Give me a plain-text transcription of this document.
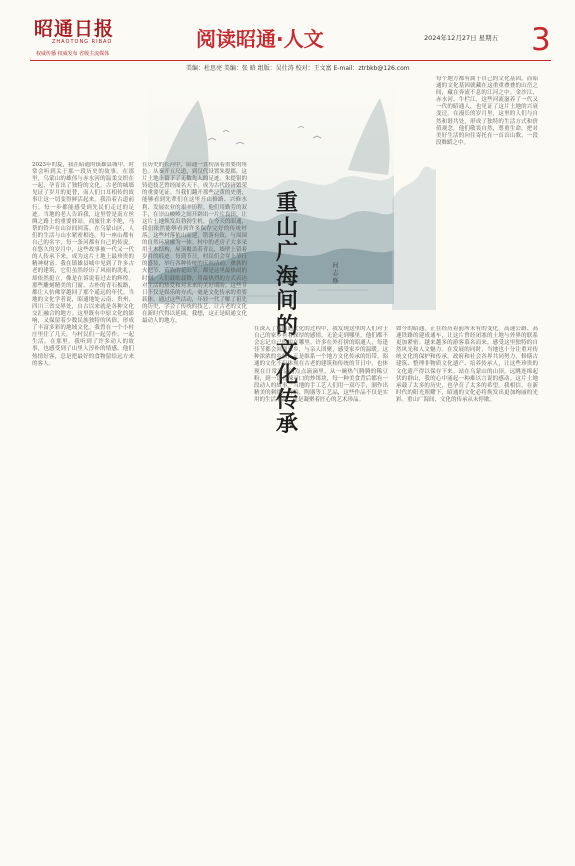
昭通日报
ZHAOTONG RIBAO
权威传播 权威发布 省级主流媒体
阅读昭通·人文	2024年12月27日 星期五 3
美编：杜思亮 美编：张 晗 组版：吴仕涛 校对：王文富 E-mail：ztrbkb@126.com
重
山
广
海
间
的
文
化
传
承
何 志 修
每个地方都有属于自己的文化基因，而昭通的文化基因就藏在这重重叠叠的山峦之间，藏在奔流不息的江河之中。金沙江、赤水河、牛栏江，这些河流滋养了一代又一代的昭通人，也见证了这片土地的兴衰变迁。在漫长的岁月里，这里的人们与自然和谐共处，形成了独特的生活方式和价值观念。他们敬畏自然，尊重生命，把对美好生活的向往寄托在一首首山歌、一段段舞蹈之中。
2023年的夏，我在昭通的镇雄县城中，时常会听到关于那一段历史的故事。在那里，乌蒙山的雄伟与赤水河的温柔交织在一起，孕育出了独特的文化。古老的城墙见证了岁月的更替，而人们口耳相传的故事让这一切变得鲜活起来。我沿着古道前行，每一步都能感受到先民们走过的足迹。当地的老人告诉我，这里曾是南方丝绸之路上的重要驿站，商旅往来不绝，马帮的铃声在山谷间回荡。在乌蒙山区，人们的生活与山水紧密相连。每一座山都有自己的名字，每一条河都有自己的传说。在悠久的岁月中，这些故事被一代又一代的人传承下来，成为这片土地上最珍贵的精神财富。我在镇雄县城中见到了许多古老的建筑，它们虽然经历了风雨的洗礼，却依然挺立，像是在诉说着过去的辉煌。那些雕刻精美的门窗、古朴的青石板路，都让人仿佛穿越回了那个遥远的年代。当地的文化学者说，昭通地处云南、贵州、四川三省交界处，自古以来就是各种文化交汇融合的地方。这里既有中原文化的影响，又保留着少数民族独特的风俗，形成了丰富多彩的地域文化。我曾在一个小村庄里住了几天，与村民们一起劳作、一起生活。在那里，我听到了许多动人的故事，也感受到了山里人淳朴的情感。他们热情好客，总是把最好的食物留给远方来的客人。
在历史的长河中，昭通一直扮演着重要的角色。从秦开五尺道，到汉代设置朱提郡，这片土地上留下了无数先人的足迹。朱提银的铸造技艺曾经闻名天下，成为古代经济繁荣的重要见证。当我们翻开那些泛黄的史册，能够看到先辈们在这里开山修路、兴修水利、发展农业的艰辛历程。他们用勤劳的双手，在崇山峻岭之间开辟出一片片良田，让这片土地焕发出勃勃生机。在今天的昭通，我们依然能够看到许多保存完好的传统村落。这些村落依山而建，错落有致，与周围的自然环境融为一体。村中的老房子大多采用土木结构，屋顶覆盖着青瓦，墙壁上留着岁月的痕迹。每到节日，村民们会穿上节日的盛装，举行各种传统的庆祝活动。彝族的火把节、苗族的花山节，都是这里最热闹的时刻。人们载歌载舞，用最热烈的方式表达对生活的热爱和对未来的美好期盼。这些节日不仅是娱乐的方式，更是文化传承的重要载体。通过这些活动，年轻一代了解了祖先的历史，学会了传统的技艺，让古老的文化在新时代得以延续。我想，这正是昭通文化最动人的地方。
在深入了解昭通文化的过程中，我发现这里的人们对于自己的家乡有着深厚的感情。无论走到哪里，他们都不会忘记自己的根在哪里。许多在外打拼的昭通人，每逢佳节都会回到家乡，与亲人团聚，感受家乡的温暖。这种浓浓的乡情，正是维系一个地方文化传承的纽带。昭通的文化不仅体现在古老的建筑和传统的节日中，也体现在日常生活的点点滴滴里。从一碗热气腾腾的稀豆粉，到一盘香辣可口的炒饵块，每一种美食背后都有一段动人的故事。当地的手工艺人们用一双巧手，制作出精美的刺绣、竹编、陶器等工艺品，这些作品不仅是实用的生活用品，更是凝聚着匠心的艺术珍品。
如今的昭通，正在经历着前所未有的变化。高速公路、高速铁路的建成通车，让这片曾经闭塞的土地与外界的联系更加紧密。越来越多的游客慕名而来，感受这里独特的自然风光和人文魅力。在发展的同时，当地也十分注重对传统文化的保护和传承。政府和社会各界共同努力，修缮古建筑、整理非物质文化遗产、培养传承人，让这些珍贵的文化遗产得以保存下来。站在乌蒙山的山顶，远眺连绵起伏的群山，我的心中涌起一种难以言说的感动。这片土地承载了太多的历史，也孕育了太多的希望。我相信，在新时代的阳光照耀下，昭通的文化必将焕发出更加绚丽的光彩。重山广海间，文化的传承从未停歇。
